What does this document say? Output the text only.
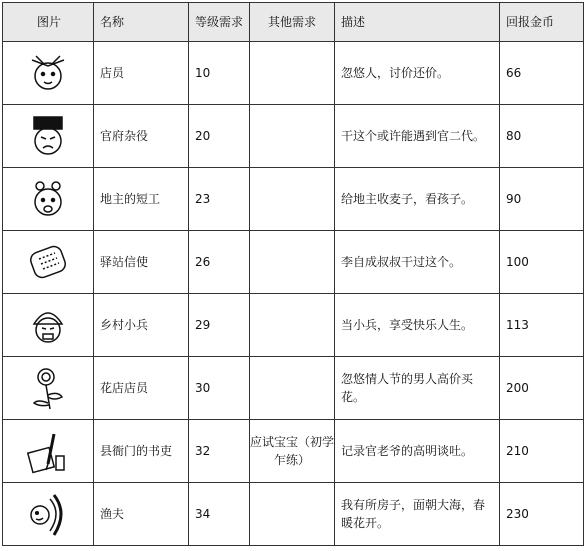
图片	名称	等级需求	其他需求	描述	回报金币
	店员	10		忽悠人，讨价还价。	66
	官府杂役	20		干这个或许能遇到官二代。	80
	地主的短工	23		给地主收麦子，看孩子。	90
	驿站信使	26		李自成叔叔干过这个。	100
	乡村小兵	29		当小兵，享受快乐人生。	113
	花店店员	30		忽悠情人节的男人高价买花。	200
	县衙门的书吏	32	应试宝宝（初学乍练）	记录官老爷的高明谈吐。	210
	渔夫	34		我有所房子，面朝大海，春暖花开。	230
